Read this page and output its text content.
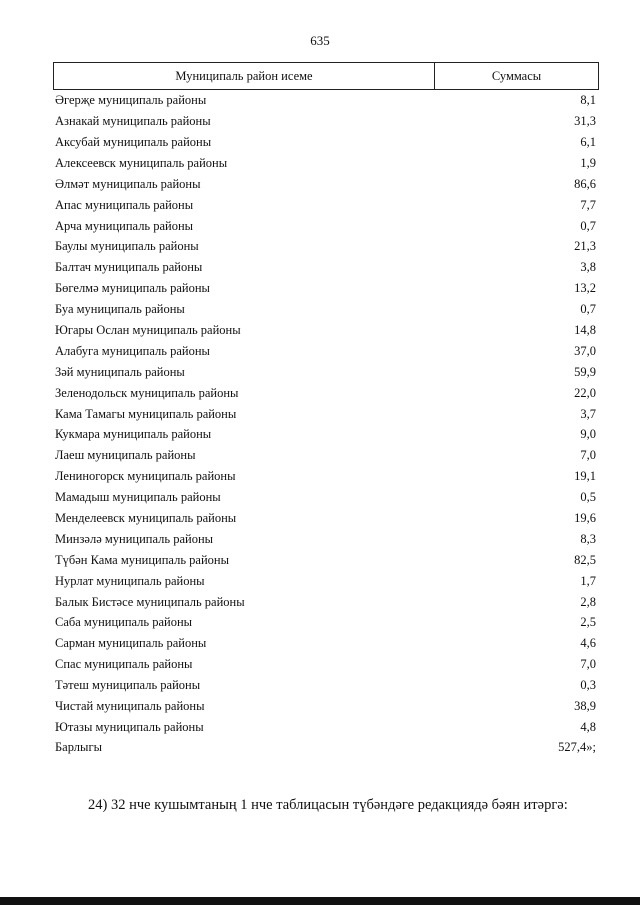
635
Муниципаль район исеме	Суммасы
Әгерҗе муниципаль районы	8,1
Азнакай муниципаль районы	31,3
Аксубай муниципаль районы	6,1
Алексеевск муниципаль районы	1,9
Әлмәт муниципаль районы	86,6
Апас муниципаль районы	7,7
Арча муниципаль районы	0,7
Баулы муниципаль районы	21,3
Балтач муниципаль районы	3,8
Бөгелмә муниципаль районы	13,2
Буа муниципаль районы	0,7
Югары Ослан муниципаль районы	14,8
Алабуга муниципаль районы	37,0
Зәй муниципаль районы	59,9
Зеленодольск муниципаль районы	22,0
Кама Тамагы муниципаль районы	3,7
Кукмара муниципаль районы	9,0
Лаеш муниципаль районы	7,0
Лениногорск муниципаль районы	19,1
Мамадыш муниципаль районы	0,5
Менделеевск муниципаль районы	19,6
Минзәлә муниципаль районы	8,3
Түбән Кама муниципаль районы	82,5
Нурлат муниципаль районы	1,7
Балык Бистәсе муниципаль районы	2,8
Саба муниципаль районы	2,5
Сарман муниципаль районы	4,6
Спас муниципаль районы	7,0
Тәтеш муниципаль районы	0,3
Чистай муниципаль районы	38,9
Ютазы муниципаль районы	4,8
Барлыгы	527,4»;
24) 32 нче кушымтаның 1 нче таблицасын түбәндәге редакциядә бәян итәргә:
